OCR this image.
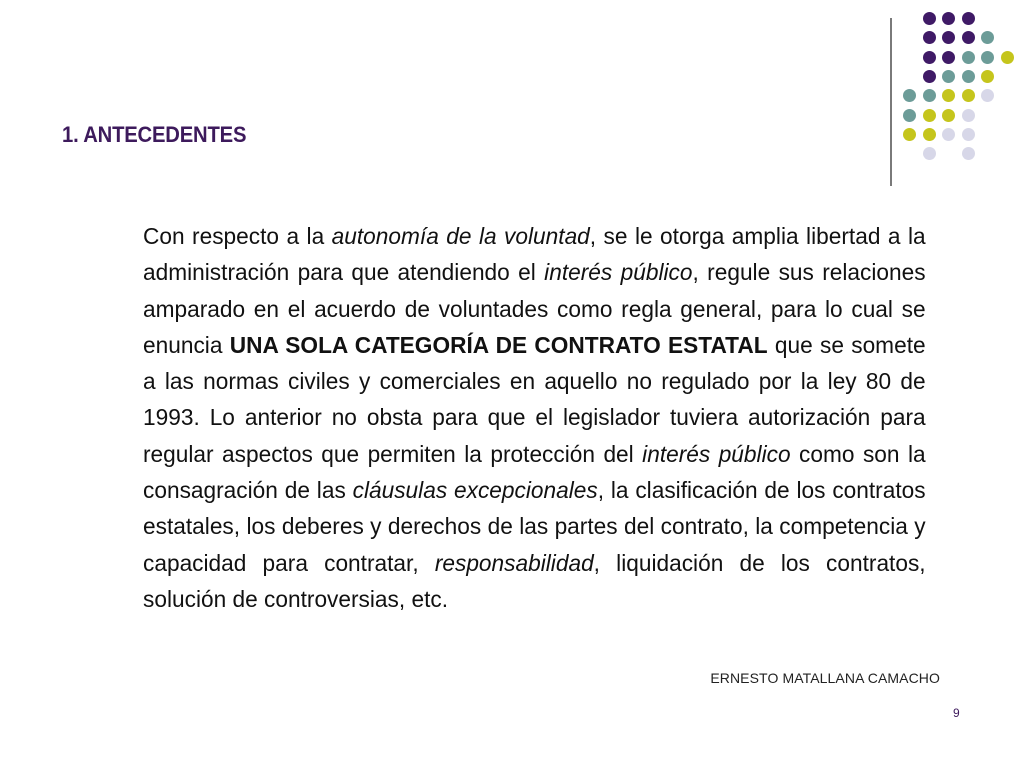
1. ANTECEDENTES

Con respecto a la autonomía de la voluntad, se le otorga amplia libertad a la administración para que atendiendo el interés público, regule sus relaciones amparado en el acuerdo de voluntades como regla general, para lo cual se enuncia UNA SOLA CATEGORÍA DE CONTRATO ESTATAL que se somete a las normas civiles y comerciales en aquello no regulado por la ley 80 de 1993. Lo anterior no obsta para que el legislador tuviera autorización para regular aspectos que permiten la protección del interés público como son la consagración de las cláusulas excepcionales, la clasificación de los contratos estatales, los deberes y derechos de las partes del contrato, la competencia y capacidad para contratar, responsabilidad, liquidación de los contratos, solución de controversias, etc.

ERNESTO MATALLANA CAMACHO
9
